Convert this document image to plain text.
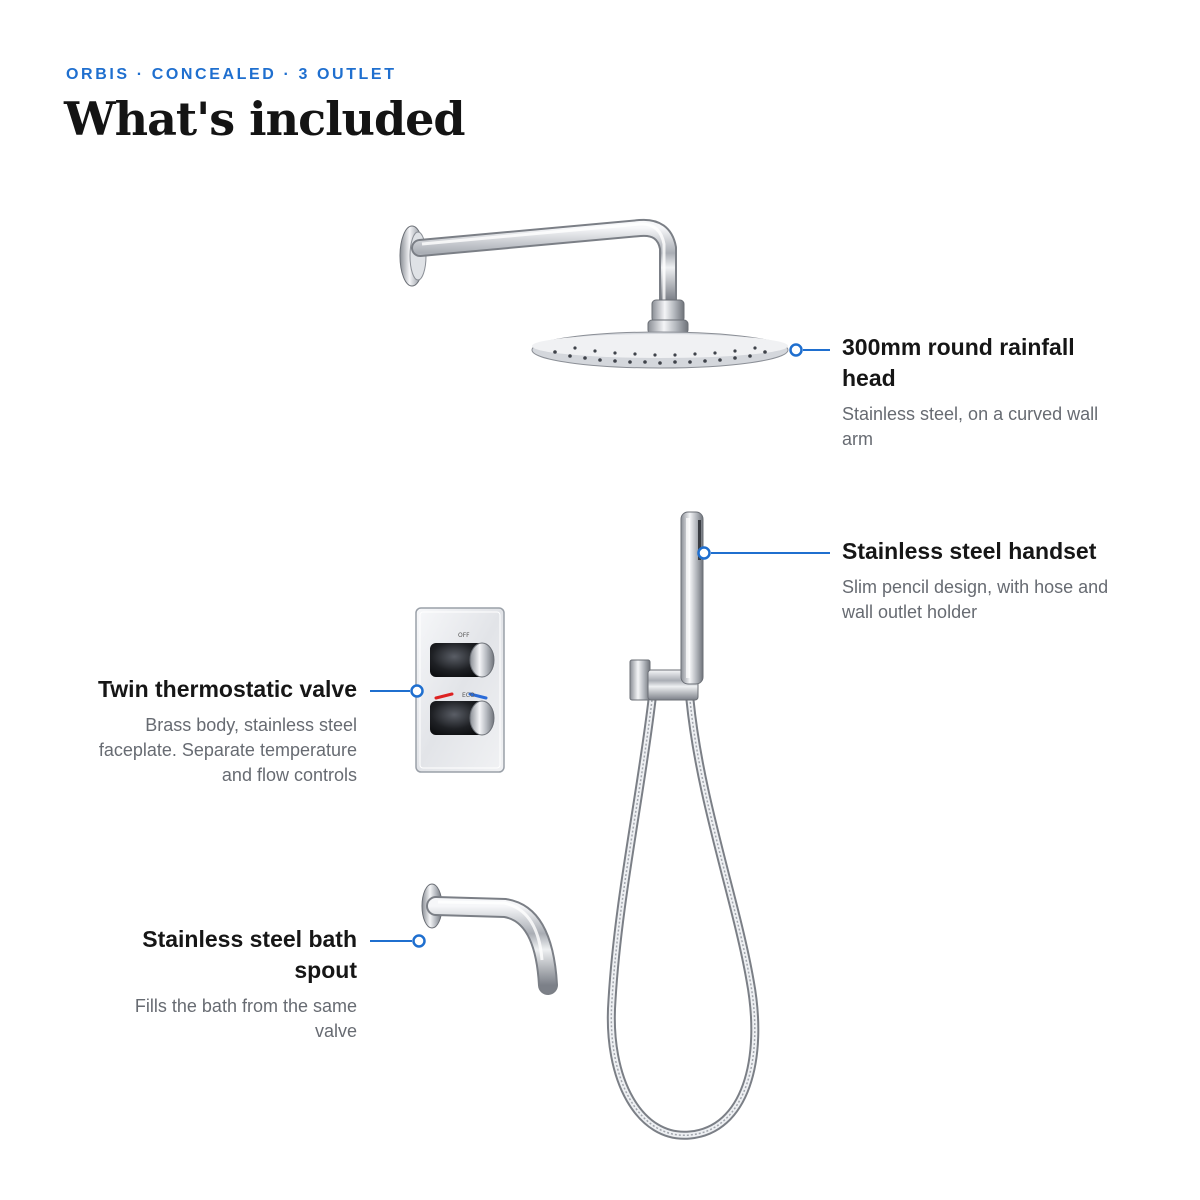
ORBIS · CONCEALED · 3 OUTLET
What's included
OFF
ECO
300mm round rainfall head

Stainless steel, on a curved wall arm

Stainless steel handset

Slim pencil design, with hose and wall outlet holder

Twin thermostatic valve

Brass body, stainless steel faceplate. Separate temperature and flow controls

Stainless steel bath spout

Fills the bath from the same valve
